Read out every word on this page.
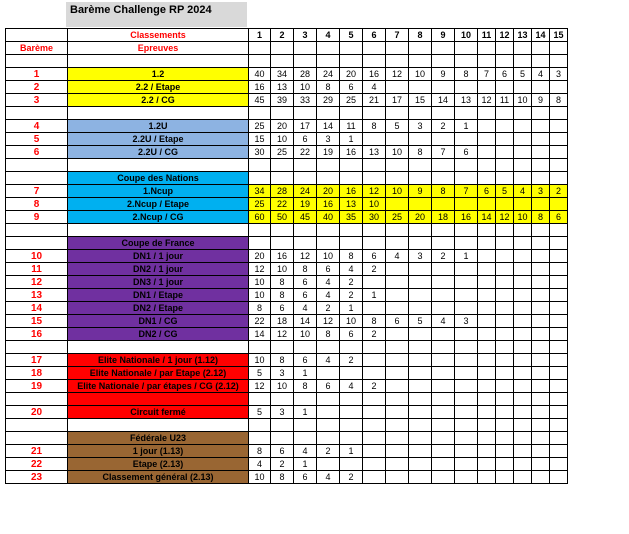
Barème Challenge RP 2024
	Classements	1	2	3	4	5	6	7	8	9	10	11	12	13	14	15
Barème	Epreuves															

1	1.2	40	34	28	24	20	16	12	10	9	8	7	6	5	4	3
2	2.2 / Etape	16	13	10	8	6	4									
3	2.2 / CG	45	39	33	29	25	21	17	15	14	13	12	11	10	9	8

4	1.2U	25	20	17	14	11	8	5	3	2	1					
5	2.2U / Etape	15	10	6	3	1										
6	2.2U / CG	30	25	22	19	16	13	10	8	7	6					

	Coupe des Nations															
7	1.Ncup	34	28	24	20	16	12	10	9	8	7	6	5	4	3	2
8	2.Ncup / Etape	25	22	19	16	13	10									
9	2.Ncup / CG	60	50	45	40	35	30	25	20	18	16	14	12	10	8	6

	Coupe de France															
10	DN1 / 1 jour	20	16	12	10	8	6	4	3	2	1					
11	DN2 / 1 jour	12	10	8	6	4	2									
12	DN3 / 1 jour	10	8	6	4	2										
13	DN1 / Etape	10	8	6	4	2	1									
14	DN2 / Etape	8	6	4	2	1										
15	DN1 / CG	22	18	14	12	10	8	6	5	4	3					
16	DN2 / CG	14	12	10	8	6	2									

17	Elite Nationale / 1 jour (1.12)	10	8	6	4	2										
18	Elite Nationale / par Etape (2.12)	5	3	1												
19	Elite Nationale / par étapes / CG (2.12)	12	10	8	6	4	2									

20	Circuit fermé	5	3	1												

	Fédérale U23															
21	1 jour (1.13)	8	6	4	2	1										
22	Etape (2.13)	4	2	1												
23	Classement général (2.13)	10	8	6	4	2										
